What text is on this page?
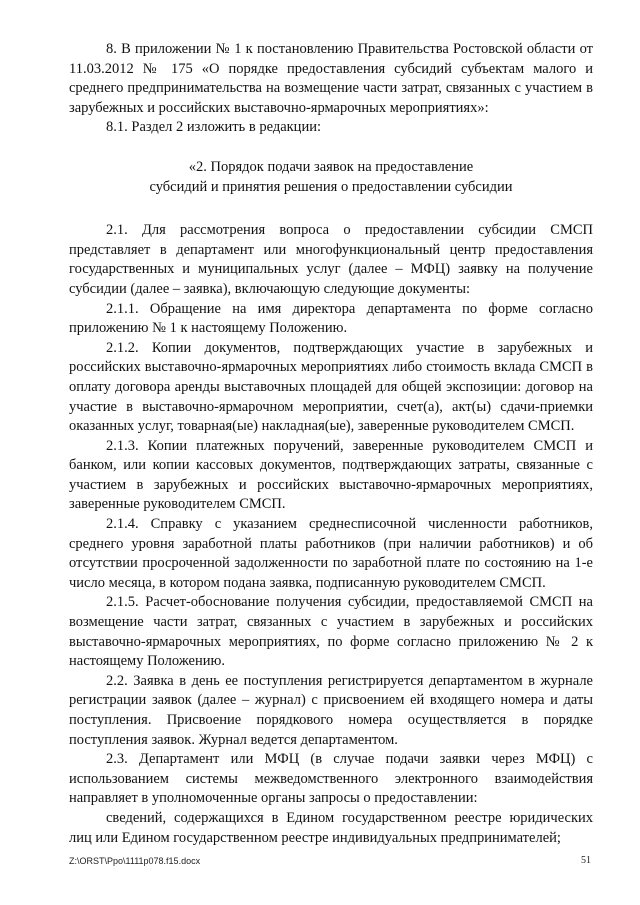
8. В приложении № 1 к постановлению Правительства Ростовской области от 11.03.2012 № 175 «О порядке предоставления субсидий субъектам малого и среднего предпринимательства на возмещение части затрат, связанных с участием в зарубежных и российских выставочно-ярмарочных мероприятиях»:

8.1. Раздел 2 изложить в редакции:

«2. Порядок подачи заявок на предоставление
субсидий и принятия решения о предоставлении субсидии

2.1. Для рассмотрения вопроса о предоставлении субсидии СМСП представляет в департамент или многофункциональный центр предоставления государственных и муниципальных услуг (далее – МФЦ) заявку на получение субсидии (далее – заявка), включающую следующие документы:

2.1.1. Обращение на имя директора департамента по форме согласно приложению № 1 к настоящему Положению.

2.1.2. Копии документов, подтверждающих участие в зарубежных и российских выставочно-ярмарочных мероприятиях либо стоимость вклада СМСП в оплату договора аренды выставочных площадей для общей экспозиции: договор на участие в выставочно-ярмарочном мероприятии, счет(а), акт(ы) сдачи-приемки оказанных услуг, товарная(ые) накладная(ые), заверенные руководителем СМСП.

2.1.3. Копии платежных поручений, заверенные руководителем СМСП и банком, или копии кассовых документов, подтверждающих затраты, связанные с участием в зарубежных и российских выставочно-ярмарочных мероприятиях, заверенные руководителем СМСП.

2.1.4. Справку с указанием среднесписочной численности работников, среднего уровня заработной платы работников (при наличии работников) и об отсутствии просроченной задолженности по заработной плате по состоянию на 1-е число месяца, в котором подана заявка, подписанную руководителем СМСП.

2.1.5. Расчет-обоснование получения субсидии, предоставляемой СМСП на возмещение части затрат, связанных с участием в зарубежных и российских выставочно-ярмарочных мероприятиях, по форме согласно приложению № 2 к настоящему Положению.

2.2. Заявка в день ее поступления регистрируется департаментом в журнале регистрации заявок (далее – журнал) с присвоением ей входящего номера и даты поступления. Присвоение порядкового номера осуществляется в порядке поступления заявок. Журнал ведется департаментом.

2.3. Департамент или МФЦ (в случае подачи заявки через МФЦ) с использованием системы межведомственного электронного взаимодействия направляет в уполномоченные органы запросы о предоставлении:

сведений, содержащихся в Едином государственном реестре юридических лиц или Едином государственном реестре индивидуальных предпринимателей;

Z:\ORST\Ppo\1111p078.f15.docx	51
